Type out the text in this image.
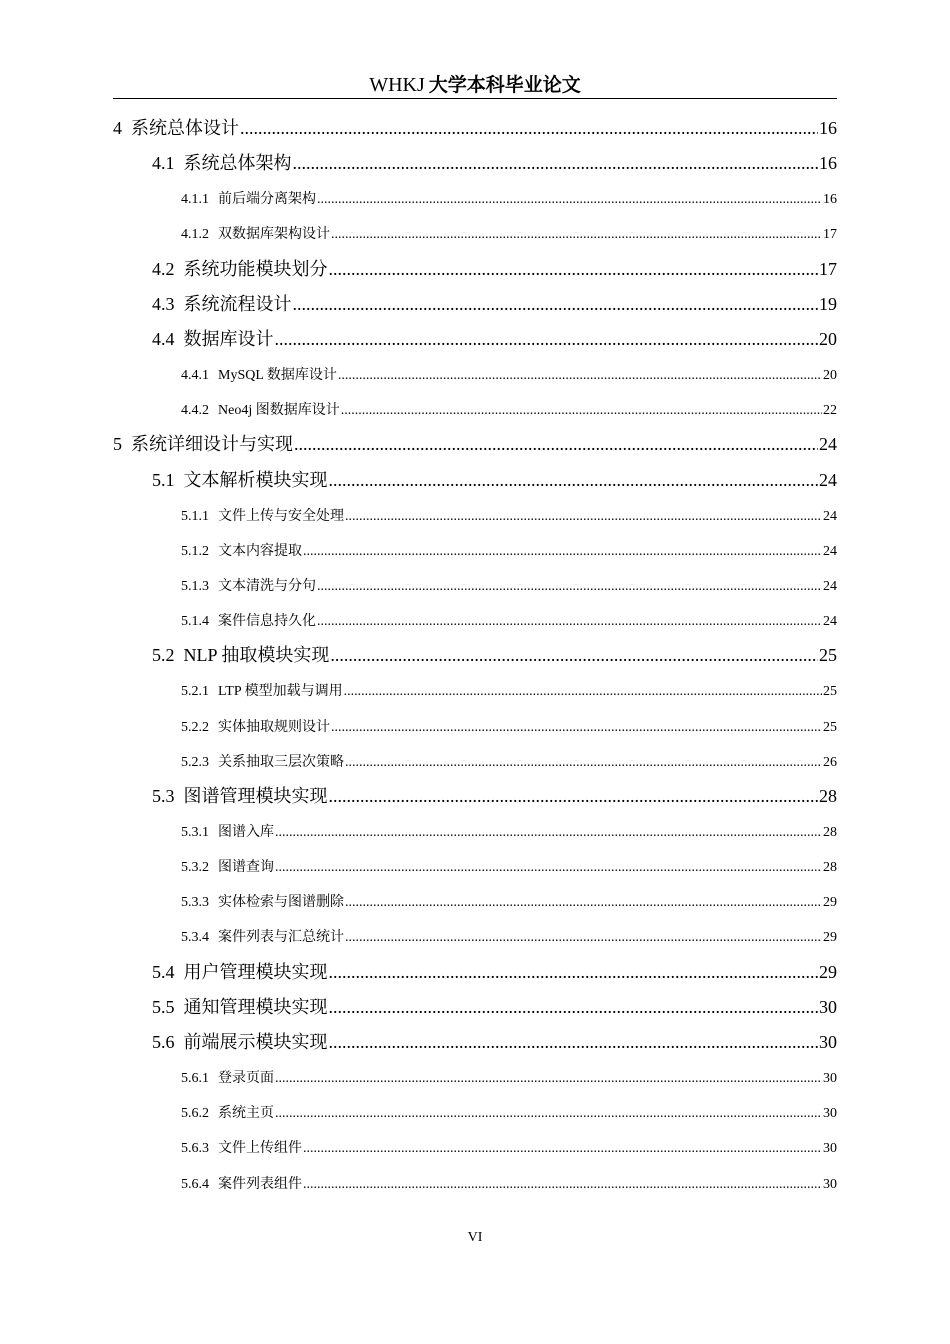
WHKJ 大学本科毕业论文
4 系统总体设计 .....	16
4.1 系统总体架构 .....	16
4.1.1 前后端分离架构 .....	16
4.1.2 双数据库架构设计 .....	17
4.2 系统功能模块划分 .....	17
4.3 系统流程设计 .....	19
4.4 数据库设计 .....	20
4.4.1 MySQL 数据库设计 .....	20
4.4.2 Neo4j 图数据库设计 .....	22
5 系统详细设计与实现 .....	24
5.1 文本解析模块实现 .....	24
5.1.1 文件上传与安全处理 .....	24
5.1.2 文本内容提取 .....	24
5.1.3 文本清洗与分句 .....	24
5.1.4 案件信息持久化 .....	24
5.2 NLP 抽取模块实现 .....	25
5.2.1 LTP 模型加载与调用 .....	25
5.2.2 实体抽取规则设计 .....	25
5.2.3 关系抽取三层次策略 .....	26
5.3 图谱管理模块实现 .....	28
5.3.1 图谱入库 .....	28
5.3.2 图谱查询 .....	28
5.3.3 实体检索与图谱删除 .....	29
5.3.4 案件列表与汇总统计 .....	29
5.4 用户管理模块实现 .....	29
5.5 通知管理模块实现 .....	30
5.6 前端展示模块实现 .....	30
5.6.1 登录页面 .....	30
5.6.2 系统主页 .....	30
5.6.3 文件上传组件 .....	30
5.6.4 案件列表组件 .....	30
VI
